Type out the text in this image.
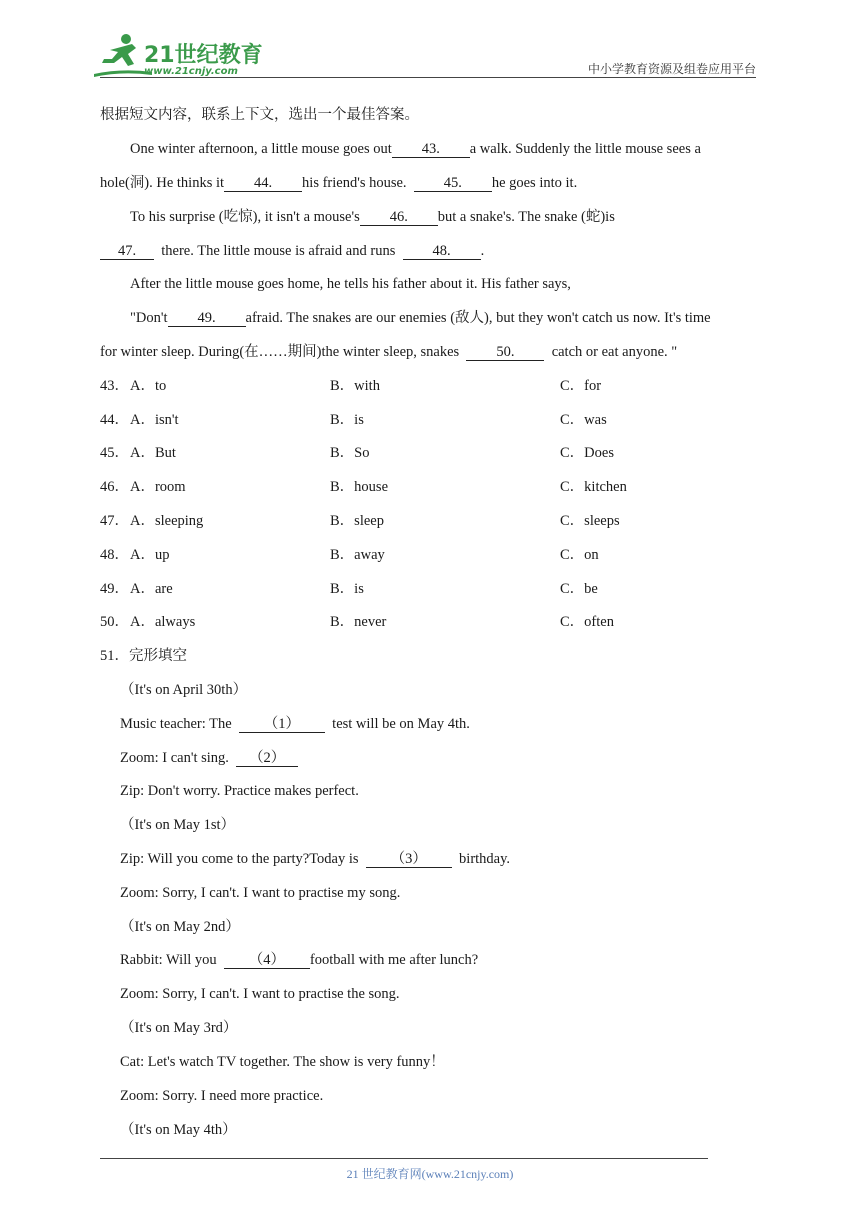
21世纪教育
www.21cnjy.com	中小学教育资源及组卷应用平台
根据短文内容，联系上下文，选出一个最佳答案。
One winter afternoon, a little mouse goes out 43. a walk. Suddenly the little mouse sees a
hole(洞). He thinks it 44. his friend's house.	45. he goes into it.
To his surprise (吃惊), it isn't a mouse's 46. but a snake's. The snake (蛇)is
47. there. The little mouse is afraid and runs	48. .
After the little mouse goes home, he tells his father about it. His father says,
"Don't 49. afraid. The snakes are our enemies (敌人), but they won't catch us now. It's time
for winter sleep. During(在……期间)the winter sleep, snakes	50.	catch or eat anyone. "
43． A．to	B．with	C．for
44． A．isn't	B．is	C．was
45． A．But	B．So	C．Does
46． A．room	B．house	C．kitchen
47． A．sleeping	B．sleep	C．sleeps
48． A．up	B．away	C．on
49． A．are	B．is	C．be
50． A．always	B．never	C．often
51．完形填空
（It's on April 30th）
Music teacher: The （1） test will be on May 4th.
Zoom: I can't sing. （2）
Zip: Don't worry. Practice makes perfect.
（It's on May 1st）
Zip: Will you come to the party?Today is （3） birthday.
Zoom: Sorry, I can't. I want to practise my song.
（It's on May 2nd）
Rabbit: Will you （4） football with me after lunch?
Zoom: Sorry, I can't. I want to practise the song.
（It's on May 3rd）
Cat: Let's watch TV together. The show is very funny！
Zoom: Sorry. I need more practice.
（It's on May 4th）
21 世纪教育网(www.21cnjy.com)
